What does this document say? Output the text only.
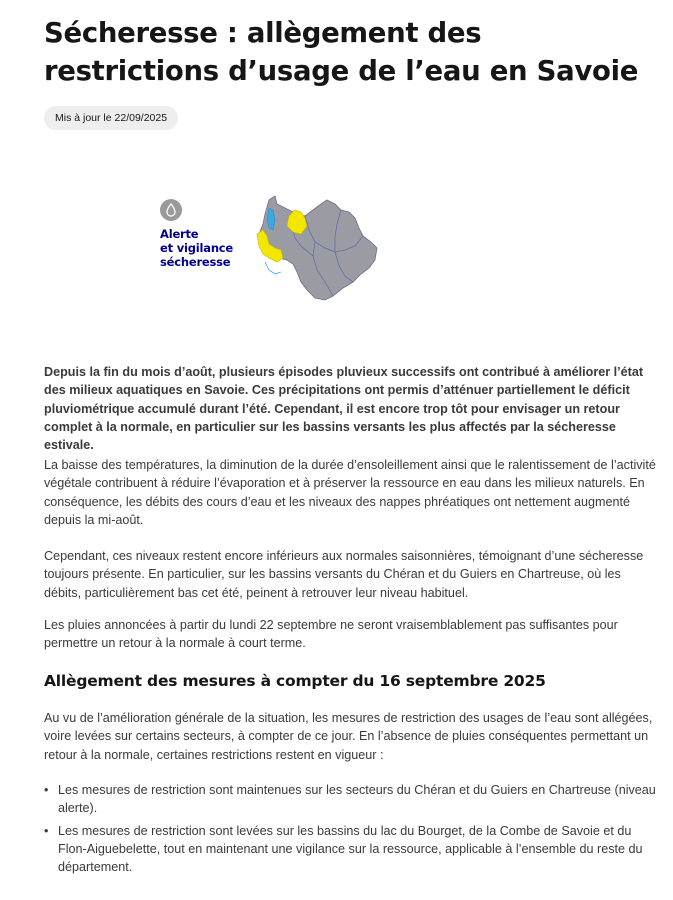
Sécheresse : allègement des restrictions d’usage de l’eau en Savoie
Mis à jour le 22/09/2025
Alerte
et vigilance
sécheresse

Depuis la fin du mois d’août, plusieurs épisodes pluvieux successifs ont contribué à améliorer l’état des milieux aquatiques en Savoie. Ces précipitations ont permis d’atténuer partiellement le déficit pluviométrique accumulé durant l’été. Cependant, il est encore trop tôt pour envisager un retour complet à la normale, en particulier sur les bassins versants les plus affectés par la sécheresse estivale.

La baisse des températures, la diminution de la durée d’ensoleillement ainsi que le ralentissement de l’activité végétale contribuent à réduire l’évaporation et à préserver la ressource en eau dans les milieux naturels. En conséquence, les débits des cours d’eau et les niveaux des nappes phréatiques ont nettement augmenté depuis la mi-août.

Cependant, ces niveaux restent encore inférieurs aux normales saisonnières, témoignant d’une sécheresse toujours présente. En particulier, sur les bassins versants du Chéran et du Guiers en Chartreuse, où les débits, particulièrement bas cet été, peinent à retrouver leur niveau habituel.

Les pluies annoncées à partir du lundi 22 septembre ne seront vraisemblablement pas suffisantes pour permettre un retour à la normale à court terme.

Allègement des mesures à compter du 16 septembre 2025

Au vu de l’amélioration générale de la situation, les mesures de restriction des usages de l’eau sont allégées, voire levées sur certains secteurs, à compter de ce jour. En l’absence de pluies conséquentes permettant un retour à la normale, certaines restrictions restent en vigueur :

• Les mesures de restriction sont maintenues sur les secteurs du Chéran et du Guiers en Chartreuse (niveau alerte).
• Les mesures de restriction sont levées sur les bassins du lac du Bourget, de la Combe de Savoie et du Flon-Aiguebelette, tout en maintenant une vigilance sur la ressource, applicable à l’ensemble du reste du département.
